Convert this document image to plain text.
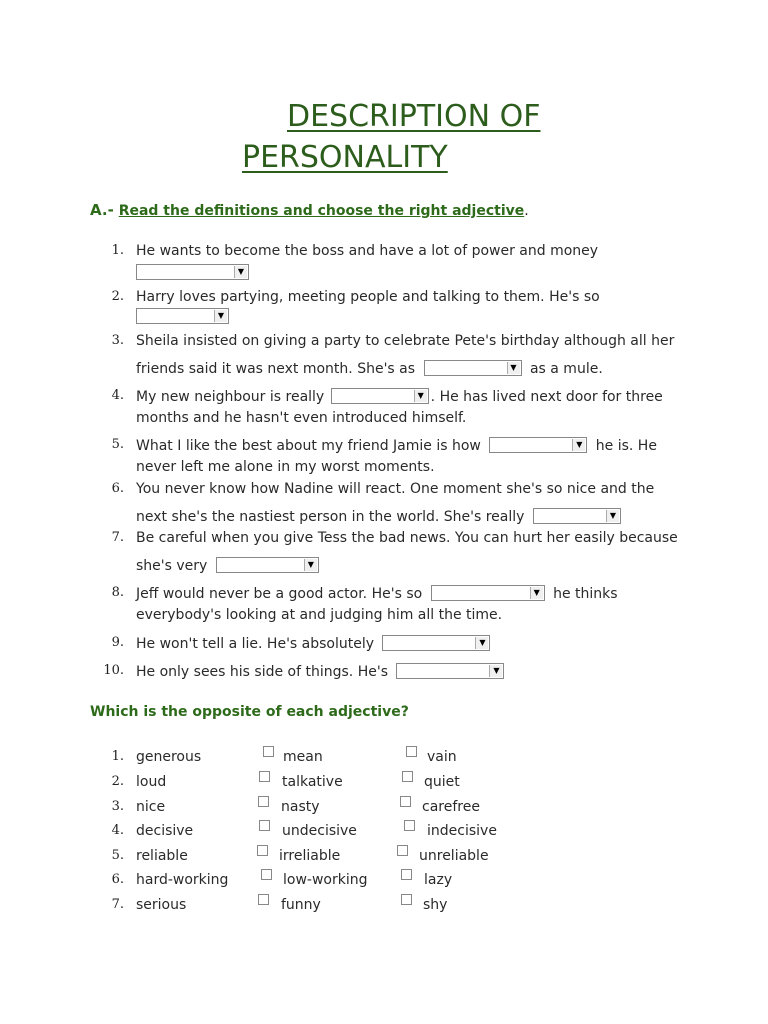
DESCRIPTION OF
PERSONALITY
A.- Read the definitions and choose the right adjective.
1. He wants to become the boss and have a lot of power and money
▼
2. Harry loves partying, meeting people and talking to them. He's so
▼
3. Sheila insisted on giving a party to celebrate Pete's birthday although all her
friends said it was next month. She's as	▼ as a mule.
4. My new neighbour is really	▼ . He has lived next door for three
months and he hasn't even introduced himself.
5. What I like the best about my friend Jamie is how	▼ he is. He
never left me alone in my worst moments.
6. You never know how Nadine will react. One moment she's so nice and the
next she's the nastiest person in the world. She's really	▼
7. Be careful when you give Tess the bad news. You can hurt her easily because
she's very	▼
8. Jeff would never be a good actor. He's so	▼ he thinks
everybody's looking at and judging him all the time.
9. He won't tell a lie. He's absolutely	▼
10. He only sees his side of things. He's	▼
Which is the opposite of each adjective?
1. generous	mean	vain
2. loud	talkative	quiet
3. nice	nasty	carefree
4. decisive	undecisive	indecisive
5. reliable	irreliable	unreliable
6. hard-working	low-working	lazy
7. serious	funny	shy
